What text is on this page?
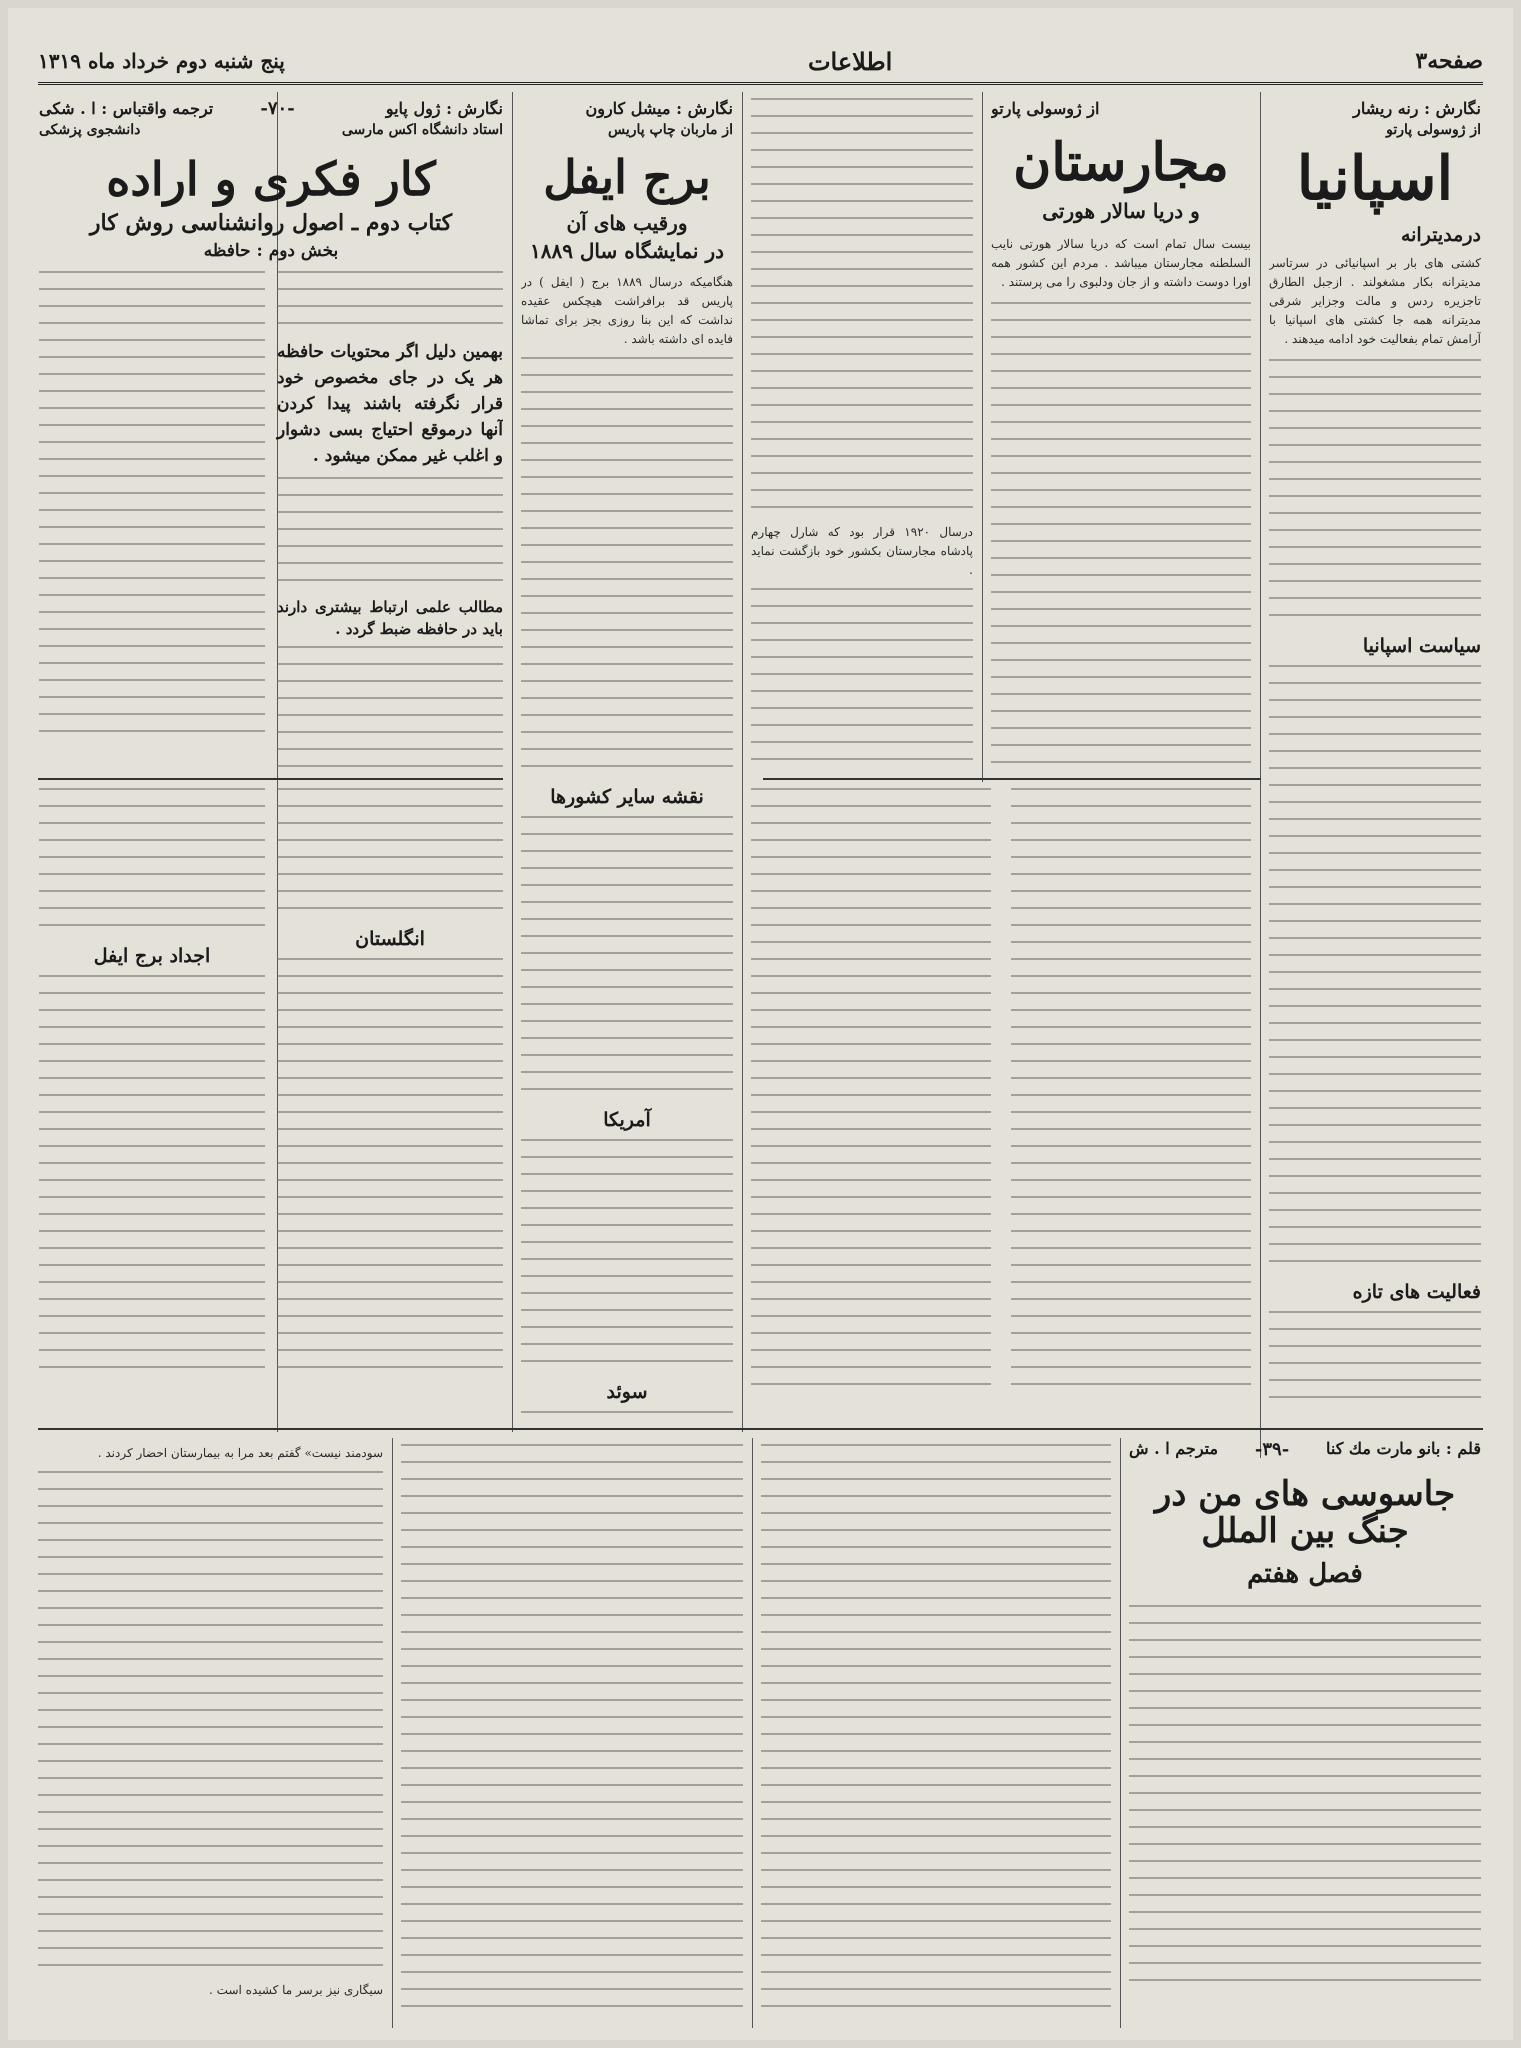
صفحه۳
اطلاعات
پنج شنبه دوم خرداد ماه ۱۳۱۹
نگارش : رنه ریشار
از ژوسولی پارتو
اسپانیا
درمدیترانه
کشتی های بار بر اسپانیائی در سرتاسر مدیترانه بکار مشغولند . ازجبل الطارق تاجزیره ردس و مالت وجزایر شرقی مدیترانه همه جا کشتی های اسپانیا با آرامش تمام بفعالیت خود ادامه میدهند .
سیاست اسپانیا
فعالیت های تازه
از ژوسولی پارتو
مجارستان
و دریا سالار هورتی
بیست سال تمام است که دریا سالار هورتی نایب السلطنه مجارستان میباشد . مردم این کشور همه اورا دوست داشته و از جان ودلبوی را می پرستند .
درسال ۱۹۲۰ قرار بود که شارل چهارم پادشاه مجارستان بکشور خود بازگشت نماید .
نگارش : میشل کارون
از ماربان چاپ پاریس
برج ایفل
ورقیب های آن
در نمایشگاه سال ۱۸۸۹
هنگامیکه درسال ۱۸۸۹ برج ( ایفل ) در پاریس قد برافراشت هیچکس عقیده نداشت که این بنا روزی بجز برای تماشا فایده ای داشته باشد .
نقشه سایر کشورها
آمریکا
سوئد
نگارش : ژول پایو
استاد دانشگاه اکس مارسی
-۷۰-
ترجمه واقتباس : ا . شکی
دانشجوی پزشکی
کار فکری و اراده
کتاب دوم ـ اصول روانشناسی روش کار
بخش دوم : حافظه
بهمین دلیل اگر محتویات حافظه هر یک در جای مخصوص خود قرار نگرفته باشند پیدا کردن آنها درموقع احتیاج بسی دشوار و اغلب غیر ممکن میشود .
مطالب علمی ارتباط بیشتری دارند باید در حافظه ضبط گردد .
انگلستان
اجداد برج ایفل
قلم : بانو مارت مك كنا
-۳۹-
مترجم ا . ش
جاسوسی های من در جنگ بین الملل
فصل هفتم
سودمند نیست» گفتم بعد مرا به بیمارستان احضار کردند .
سیگاری نیز برسر ما کشیده است .
